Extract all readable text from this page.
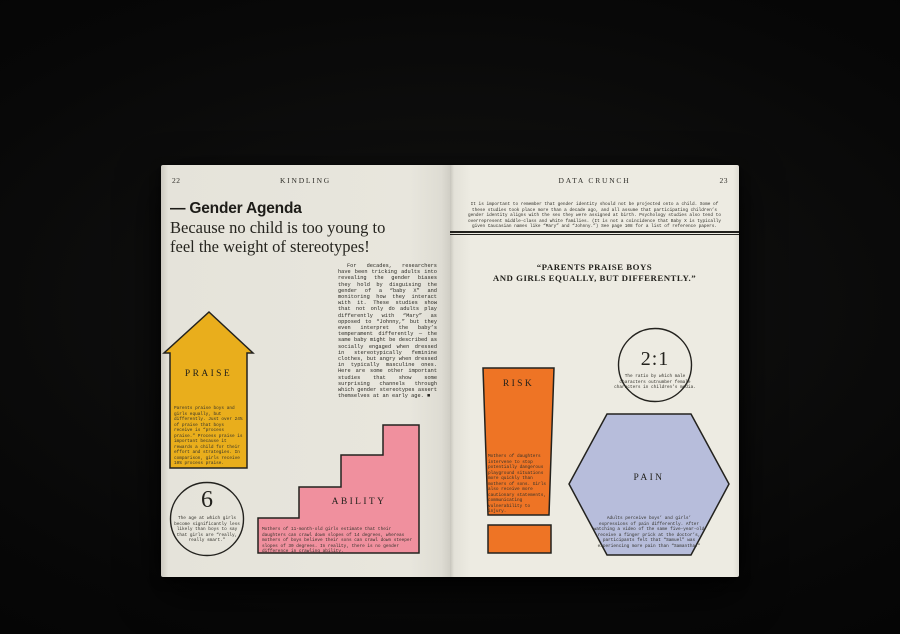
22	KINDLING
— Gender Agenda
Because no child is too young to
feel the weight of stereotypes!

For decades, researchers have been tricking adults into revealing the gender biases they hold by disguising the gender of a “baby X” and monitoring how they interact with it. These studies show that not only do adults play differently with “Mary” as opposed to “Johnny,” but they even interpret the baby’s temperament differently — the same baby might be described as socially engaged when dressed in stereotypically feminine clothes, but angry when dressed in typically masculine ones. Here are some other important studies that show some surprising channels through which gender stereotypes assert themselves at an early age. ■

PRAISE
Parents praise boys and girls equally, but differently. Just over 24% of praise that boys receive is “process praise.” Process praise is important because it rewards a child for their effort and strategies. In comparison, girls receive 10% process praise.
6
The age at which girls become significantly less likely than boys to say that girls are “really, really smart.”
ABILITY
Mothers of 11-month-old girls estimate that their daughters can crawl down slopes of 14 degrees, whereas mothers of boys believe their sons can crawl down steeper slopes of 30 degrees. In reality, there is no gender difference in crawling ability.
DATA CRUNCH	23
It is important to remember that gender identity should not be projected onto a child. Some of these studies took place more than a decade ago, and all assume that participating children’s gender identity aligns with the sex they were assigned at birth. Psychology studies also tend to overrepresent middle-class and white families. (It is not a coincidence that Baby X is typically given Caucasian names like “Mary” and “Johnny.”) See page 108 for a list of reference papers.
“PARENTS PRAISE BOYS
AND GIRLS EQUALLY, BUT DIFFERENTLY.”
RISK
Mothers of daughters intervene to stop potentially dangerous playground situations more quickly than mothers of sons. Girls also receive more cautionary statements, communicating vulnerability to injury.
2:1
The ratio by which male characters outnumber female characters in children’s media.
PAIN
Adults perceive boys’ and girls’ expressions of pain differently. After watching a video of the same five-year-old receive a finger prick at the doctor’s, participants felt that “Samuel” was experiencing more pain than “Samantha.”
